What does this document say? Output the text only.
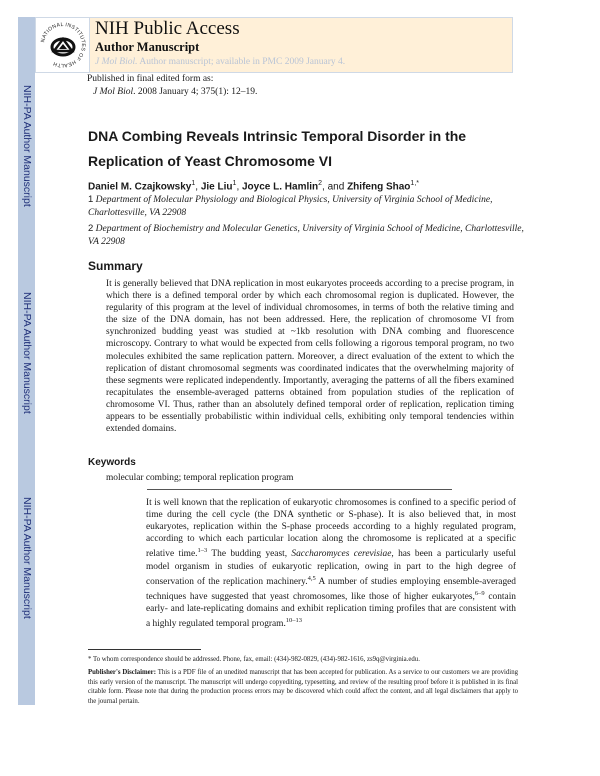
NIH-PA Author Manuscript
NIH-PA Author Manuscript
NIH-PA Author Manuscript
NATIONAL INSTITUTES OF HEALTH
NIH Public Access
Author Manuscript
J Mol Biol. Author manuscript; available in PMC 2009 January 4.
Published in final edited form as:
J Mol Biol. 2008 January 4; 375(1): 12–19.
DNA Combing Reveals Intrinsic Temporal Disorder in the Replication of Yeast Chromosome VI
Daniel M. Czajkowsky$^1$, Jie Liu$^1$, Joyce L. Hamlin$^2$, and Zhifeng Shao$^{1,*}$
1 Department of Molecular Physiology and Biological Physics, University of Virginia School of Medicine, Charlottesville, VA 22908
2 Department of Biochemistry and Molecular Genetics, University of Virginia School of Medicine, Charlottesville, VA 22908
Summary
It is generally believed that DNA replication in most eukaryotes proceeds according to a precise program, in which there is a defined temporal order by which each chromosomal region is duplicated. However, the regularity of this program at the level of individual chromosomes, in terms of both the relative timing and the size of the DNA domain, has not been addressed. Here, the replication of chromosome VI from synchronized budding yeast was studied at ~1kb resolution with DNA combing and fluorescence microscopy. Contrary to what would be expected from cells following a rigorous temporal program, no two molecules exhibited the same replication pattern. Moreover, a direct evaluation of the extent to which the replication of distant chromosomal segments was coordinated indicates that the overwhelming majority of these segments were replicated independently. Importantly, averaging the patterns of all the fibers examined recapitulates the ensemble-averaged patterns obtained from population studies of the replication of chromosome VI. Thus, rather than an absolutely defined temporal order of replication, replication timing appears to be essentially probabilistic within individual cells, exhibiting only temporal tendencies within extended domains.
Keywords
molecular combing; temporal replication program
It is well known that the replication of eukaryotic chromosomes is confined to a specific period of time during the cell cycle (the DNA synthetic or S-phase). It is also believed that, in most eukaryotes, replication within the S-phase proceeds according to a highly regulated program, according to which each particular location along the chromosome is replicated at a specific relative time.$^{1-3}$ The budding yeast, Saccharomyces cerevisiae, has been a particularly useful model organism in studies of eukaryotic replication, owing in part to the high degree of conservation of the replication machinery.$^{4,5}$ A number of studies employing ensemble-averaged techniques have suggested that yeast chromosomes, like those of higher eukaryotes,$^{6-9}$ contain early- and late-replicating domains and exhibit replication timing profiles that are consistent with a highly regulated temporal program.$^{10-13}$
* To whom correspondence should be addressed. Phone, fax, email: (434)-982-0829, (434)-982-1616, zs9q@virginia.edu.
Publisher's Disclaimer: This is a PDF file of an unedited manuscript that has been accepted for publication. As a service to our customers we are providing this early version of the manuscript. The manuscript will undergo copyediting, typesetting, and review of the resulting proof before it is published in its final citable form. Please note that during the production process errors may be discovered which could affect the content, and all legal disclaimers that apply to the journal pertain.
